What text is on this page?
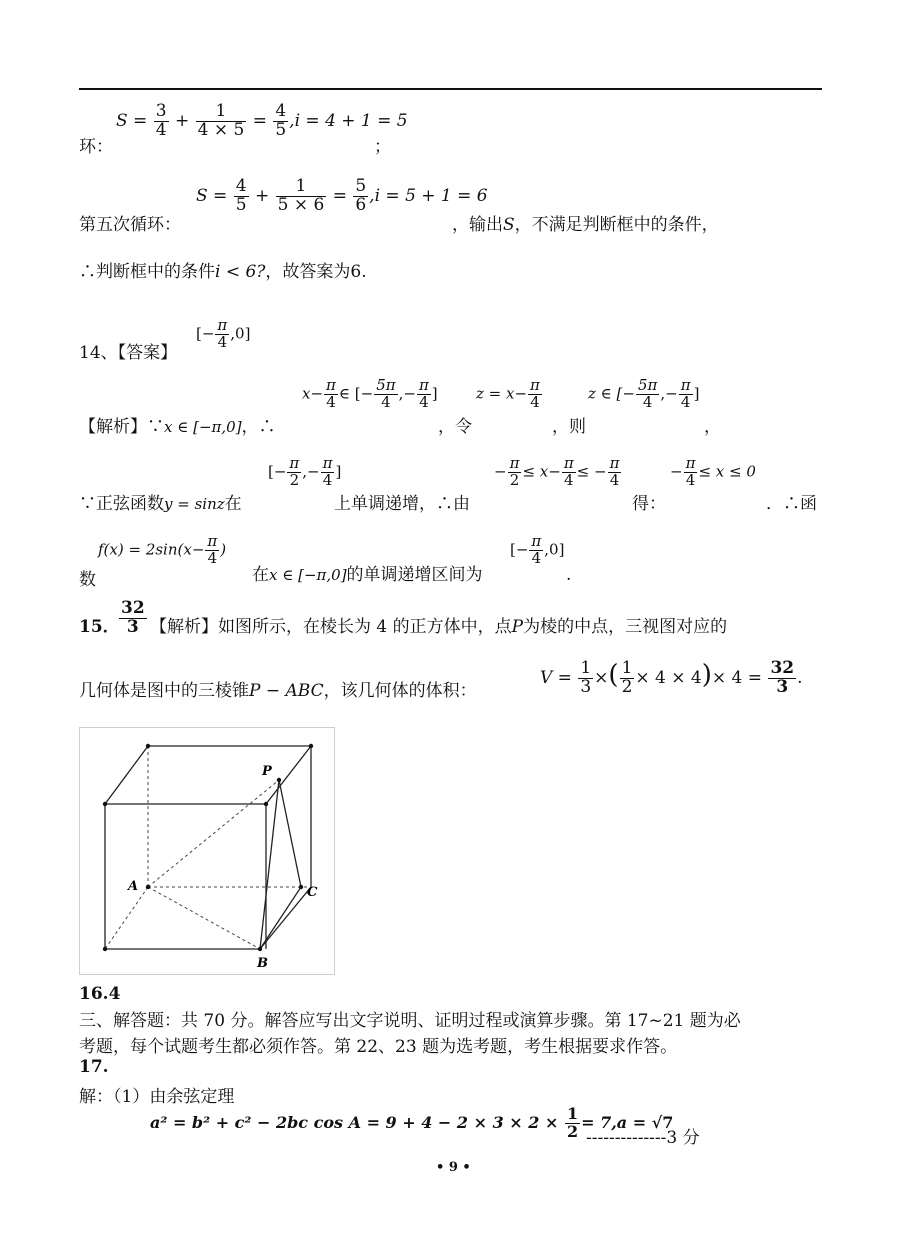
环：
$S = \frac{3}{4} + \frac{1}{4 \times 5} = \frac{4}{5} ,i = 4 + 1 = 5$
；
第五次循环：
$S = \frac{4}{5} + \frac{1}{5 \times 6} = \frac{5}{6} ,i = 5 + 1 = 6$
，输出S，不满足判断框中的条件，
∴判断框中的条件i < 6?，故答案为6.
14、【答案】
[− $\frac{\pi}{4} ,0$]
【解析】∵x ∈ [−π,0]，∴
$x- \frac{\pi}{4}$ ∈ [− $\frac{5\pi}{4}$ ,− $\frac{\pi}{4}$ ]
，令
$z = x- \frac{\pi}{4}$
，则
z ∈ [− $\frac{5\pi}{4}$ ,− $\frac{\pi}{4}$ ]
，
∵正弦函数y = sinz在
[− $\frac{\pi}{2}$ ,− $\frac{\pi}{4}$ ]
上单调递增，∴由
− $\frac{\pi}{2} \le x- \frac{\pi}{4}$ ≤ − $\frac{\pi}{4}$
得：
− $\frac{\pi}{4} \le x \le 0$
．∴函
数
$f(x) = 2\sin(x- \frac{\pi}{4}$ )
在x ∈ [−π,0]的单调递增区间为
[− $\frac{\pi}{4} ,0$]
.
15． $\frac{32}{3}$ 【解析】如图所示，在棱长为 4 的正方体中，点P为棱的中点，三视图对应的
几何体是图中的三棱锥P − ABC，该几何体的体积：
$V = \frac{1}{3}$ ×( $\frac{1}{2} \times 4 \times 4)\times 4 = \frac{32}{3}$ .
P
A
B
C
16.4
三、解答题：共 70 分。解答应写出文字说明、证明过程或演算步骤。第 17~21 题为必
考题，每个试题考生都必须作答。第 22、23 题为选考题，考生根据要求作答。
17.
解：（1）由余弦定理
a² = b² + c² − 2bc $\cos A = 9 + 4 - 2 \times 3 \times 2 \times \frac{1}{2} = 7,a = √7$
--------------3 分
• 9 •
